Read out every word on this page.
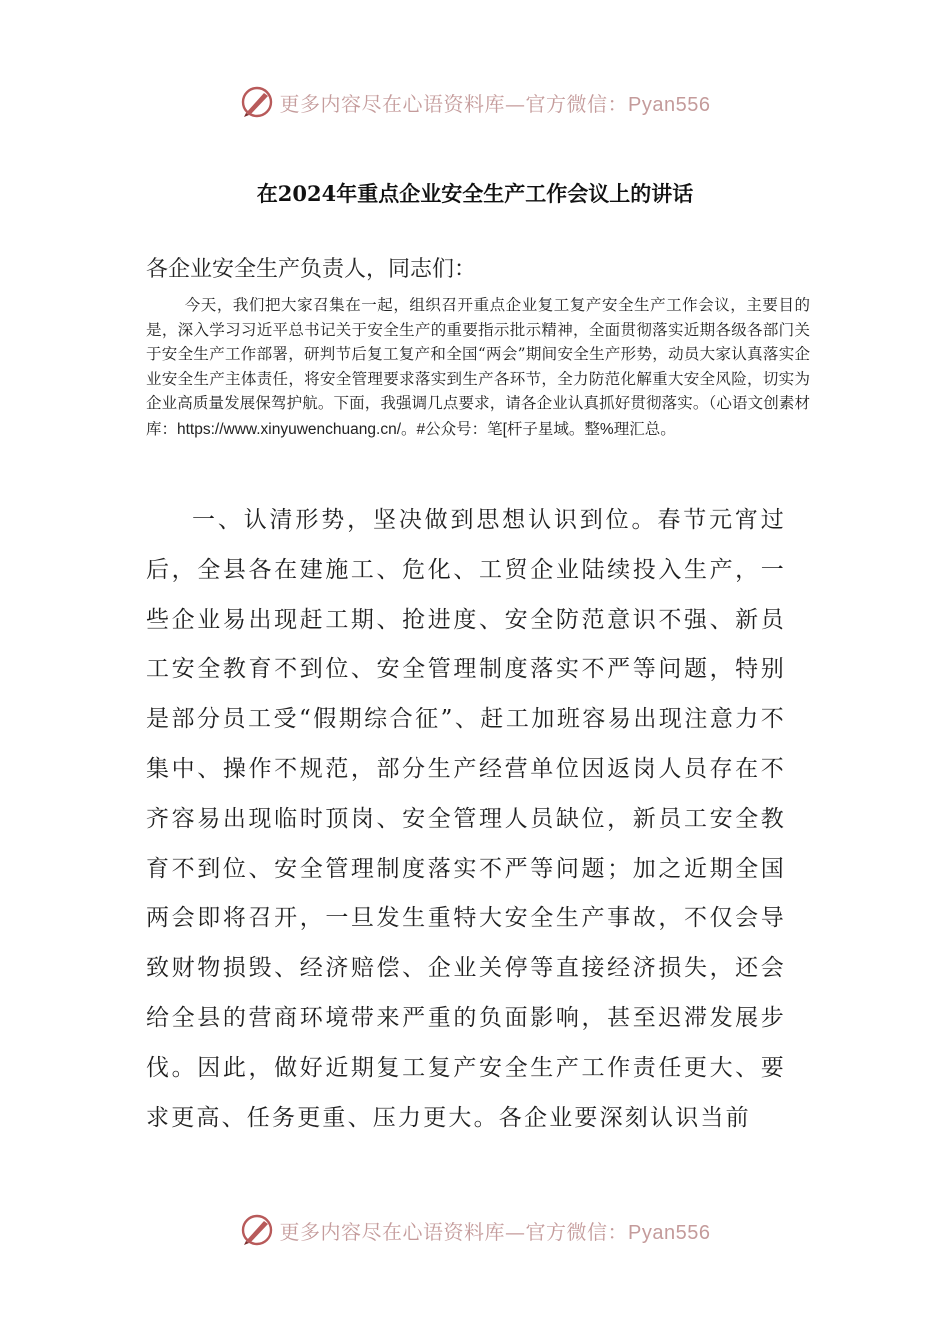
更多内容尽在心语资料库—官方微信：Pyan556
在2024年重点企业安全生产工作会议上的讲话

各企业安全生产负责人，同志们：

今天，我们把大家召集在一起，组织召开重点企业复工复产安全生产工作会议，主要目的是，深入学习习近平总书记关于安全生产的重要指示批示精神，全面贯彻落实近期各级各部门关于安全生产工作部署，研判节后复工复产和全国“两会”期间安全生产形势，动员大家认真落实企业安全生产主体责任，将安全管理要求落实到生产各环节，全力防范化解重大安全风险，切实为企业高质量发展保驾护航。下面，我强调几点要求，请各企业认真抓好贯彻落实。（心语文创素材库：https://www.xinyuwenchuang.cn/。#公众号：笔[杆子星域。整%理汇总。

一、认清形势，坚决做到思想认识到位。春节元宵过后，全县各在建施工、危化、工贸企业陆续投入生产，一些企业易出现赶工期、抢进度、安全防范意识不强、新员工安全教育不到位、安全管理制度落实不严等问题，特别是部分员工受“假期综合征”、赶工加班容易出现注意力不集中、操作不规范，部分生产经营单位因返岗人员存在不齐容易出现临时顶岗、安全管理人员缺位，新员工安全教育不到位、安全管理制度落实不严等问题；加之近期全国两会即将召开，一旦发生重特大安全生产事故，不仅会导致财物损毁、经济赔偿、企业关停等直接经济损失，还会给全县的营商环境带来严重的负面影响，甚至迟滞发展步伐。因此，做好近期复工复产安全生产工作责任更大、要求更高、任务更重、压力更大。各企业要深刻认识当前

更多内容尽在心语资料库—官方微信：Pyan556
